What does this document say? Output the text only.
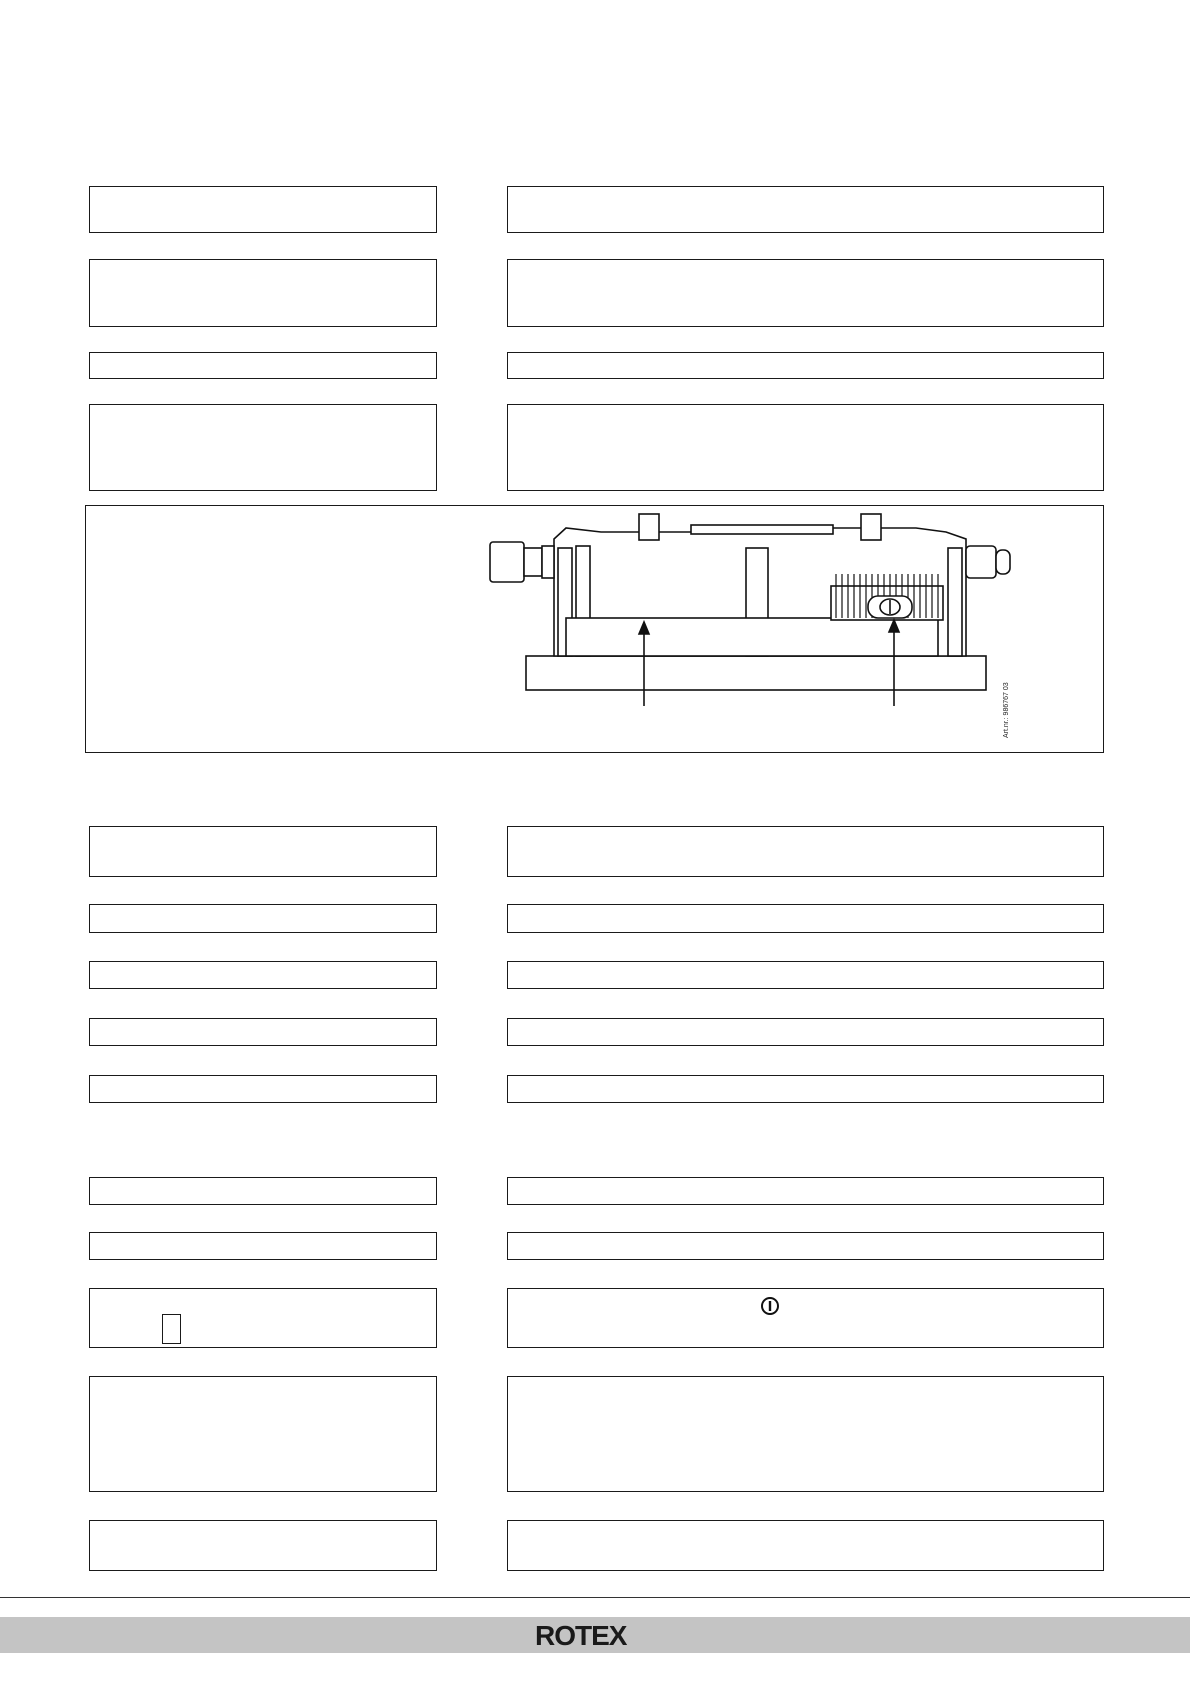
Art.nr.: 986767 03
ROTEX
